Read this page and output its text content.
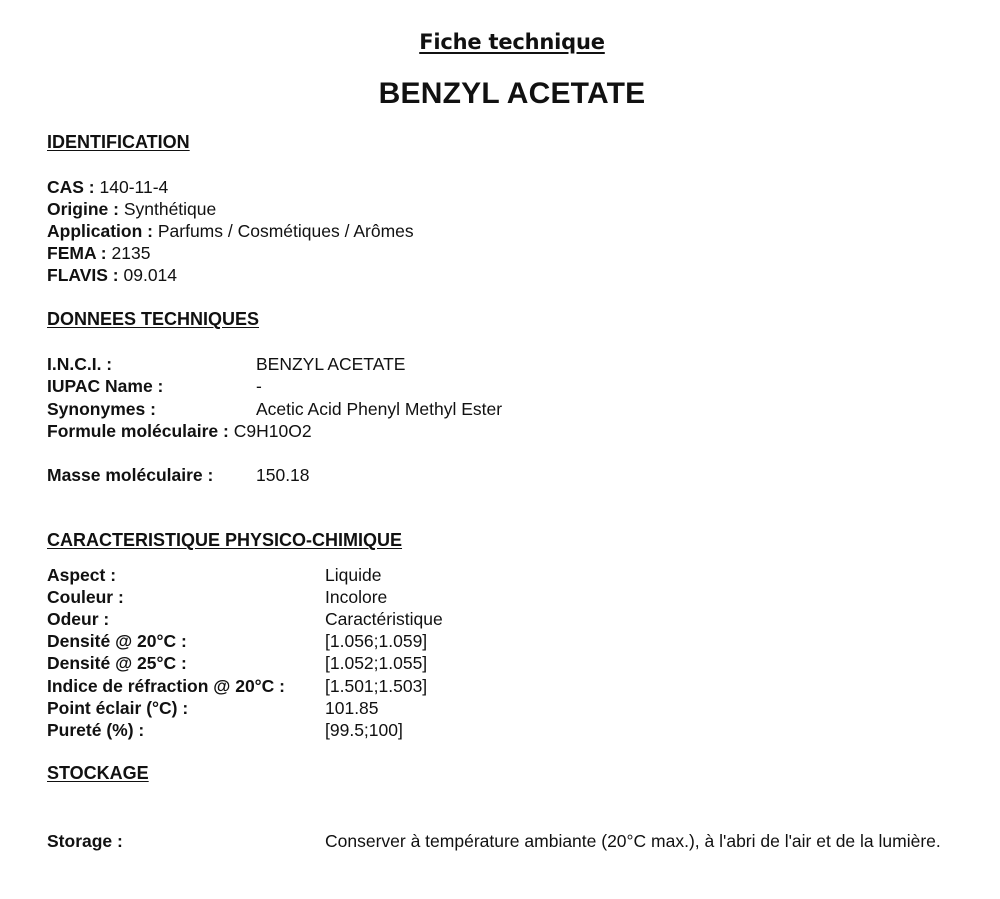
Fiche technique
BENZYL ACETATE
IDENTIFICATION
CAS : 140-11-4
Origine : Synthétique
Application : Parfums / Cosmétiques / Arômes
FEMA : 2135
FLAVIS : 09.014
DONNEES TECHNIQUES
I.N.C.I. :	BENZYL ACETATE
IUPAC Name :	-
Synonymes :	Acetic Acid Phenyl Methyl Ester
Formule moléculaire : C9H10O2
Masse moléculaire : 150.18
CARACTERISTIQUE PHYSICO-CHIMIQUE
Aspect :	Liquide
Couleur :	Incolore
Odeur :	Caractéristique
Densité @ 20°C :	[1.056;1.059]
Densité @ 25°C :	[1.052;1.055]
Indice de réfraction @ 20°C : [1.501;1.503]
Point éclair (°C) :	101.85
Pureté (%) :	[99.5;100]
STOCKAGE
Storage :	Conserver à température ambiante (20°C max.), à l'abri de l'air et de la lumière.
